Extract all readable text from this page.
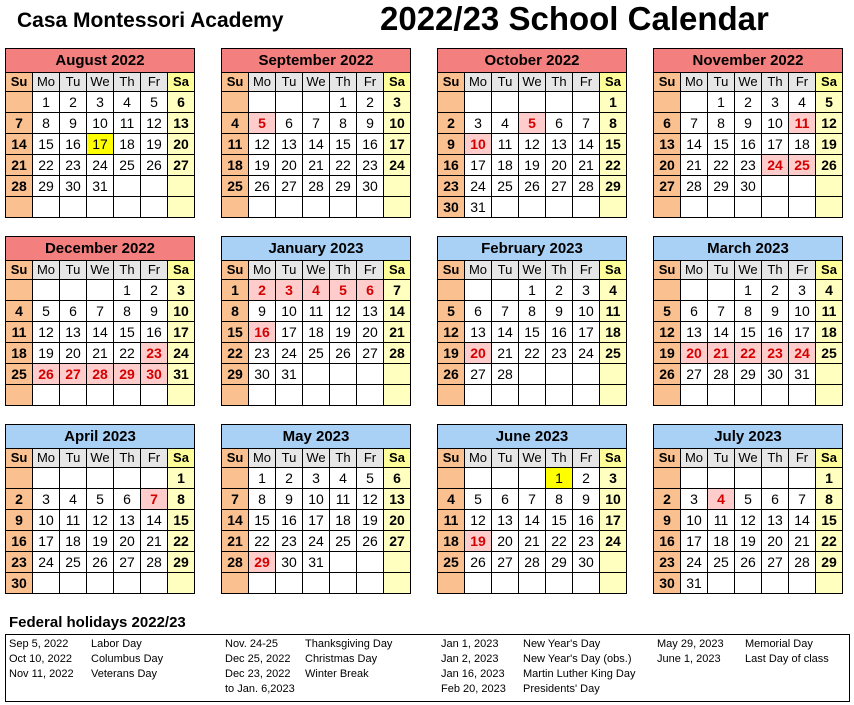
Casa Montessori Academy	2022/23 School Calendar
August 2022						
Su	Mo	Tu	We	Th	Fr	Sa
	1	2	3	4	5	6
7	8	9	10	11	12	13
14	15	16	17	18	19	20
21	22	23	24	25	26	27
28	29	30	31			

September 2022						
Su	Mo	Tu	We	Th	Fr	Sa
				1	2	3
4	5	6	7	8	9	10
11	12	13	14	15	16	17
18	19	20	21	22	23	24
25	26	27	28	29	30	

October 2022						
Su	Mo	Tu	We	Th	Fr	Sa
						1
2	3	4	5	6	7	8
9	10	11	12	13	14	15
16	17	18	19	20	21	22
23	24	25	26	27	28	29
30	31					
November 2022						
Su	Mo	Tu	We	Th	Fr	Sa
		1	2	3	4	5
6	7	8	9	10	11	12
13	14	15	16	17	18	19
20	21	22	23	24	25	26
27	28	29	30			

December 2022						
Su	Mo	Tu	We	Th	Fr	Sa
				1	2	3
4	5	6	7	8	9	10
11	12	13	14	15	16	17
18	19	20	21	22	23	24
25	26	27	28	29	30	31

January 2023						
Su	Mo	Tu	We	Th	Fr	Sa
1	2	3	4	5	6	7
8	9	10	11	12	13	14
15	16	17	18	19	20	21
22	23	24	25	26	27	28
29	30	31				

February 2023						
Su	Mo	Tu	We	Th	Fr	Sa
			1	2	3	4
5	6	7	8	9	10	11
12	13	14	15	16	17	18
19	20	21	22	23	24	25
26	27	28				

March 2023						
Su	Mo	Tu	We	Th	Fr	Sa
			1	2	3	4
5	6	7	8	9	10	11
12	13	14	15	16	17	18
19	20	21	22	23	24	25
26	27	28	29	30	31	

April 2023						
Su	Mo	Tu	We	Th	Fr	Sa
						1
2	3	4	5	6	7	8
9	10	11	12	13	14	15
16	17	18	19	20	21	22
23	24	25	26	27	28	29
30						
May 2023						
Su	Mo	Tu	We	Th	Fr	Sa
	1	2	3	4	5	6
7	8	9	10	11	12	13
14	15	16	17	18	19	20
21	22	23	24	25	26	27
28	29	30	31			

June 2023						
Su	Mo	Tu	We	Th	Fr	Sa
				1	2	3
4	5	6	7	8	9	10
11	12	13	14	15	16	17
18	19	20	21	22	23	24
25	26	27	28	29	30	

July 2023						
Su	Mo	Tu	We	Th	Fr	Sa
						1
2	3	4	5	6	7	8
9	10	11	12	13	14	15
16	17	18	19	20	21	22
23	24	25	26	27	28	29
30	31					
Federal holidays 2022/23
Sep 5, 2022 Labor Day
Oct 10, 2022 Columbus Day
Nov 11, 2022 Veterans Day
Nov. 24-25 Thanksgiving Day
Dec 25, 2022 Christmas Day
Dec 23, 2022 Winter Break
to Jan. 6,2023
Jan 1, 2023 New Year's Day
Jan 2, 2023 New Year's Day (obs.)
Jan 16, 2023 Martin Luther King Day
Feb 20, 2023 Presidents' Day
May 29, 2023 Memorial Day
June 1, 2023 Last Day of class
